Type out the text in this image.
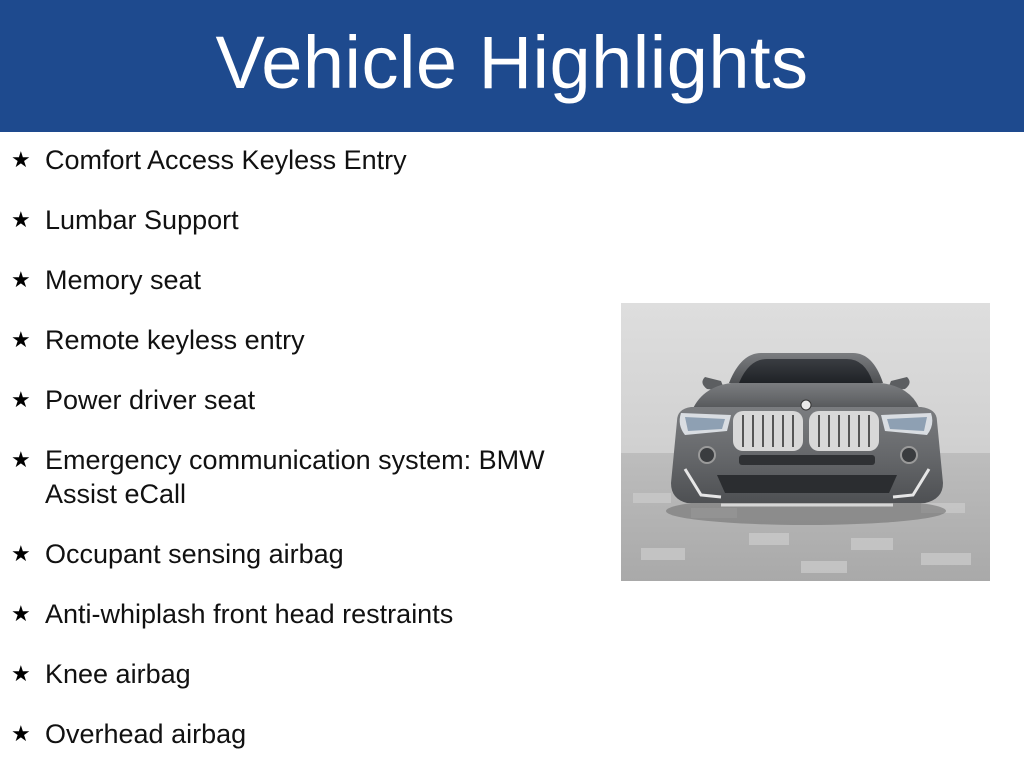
Vehicle Highlights
★ Comfort Access Keyless Entry
★ Lumbar Support
★ Memory seat
★ Remote keyless entry
★ Power driver seat
★ Emergency communication system: BMW Assist eCall
★ Occupant sensing airbag
★ Anti-whiplash front head restraints
★ Knee airbag
★ Overhead airbag
